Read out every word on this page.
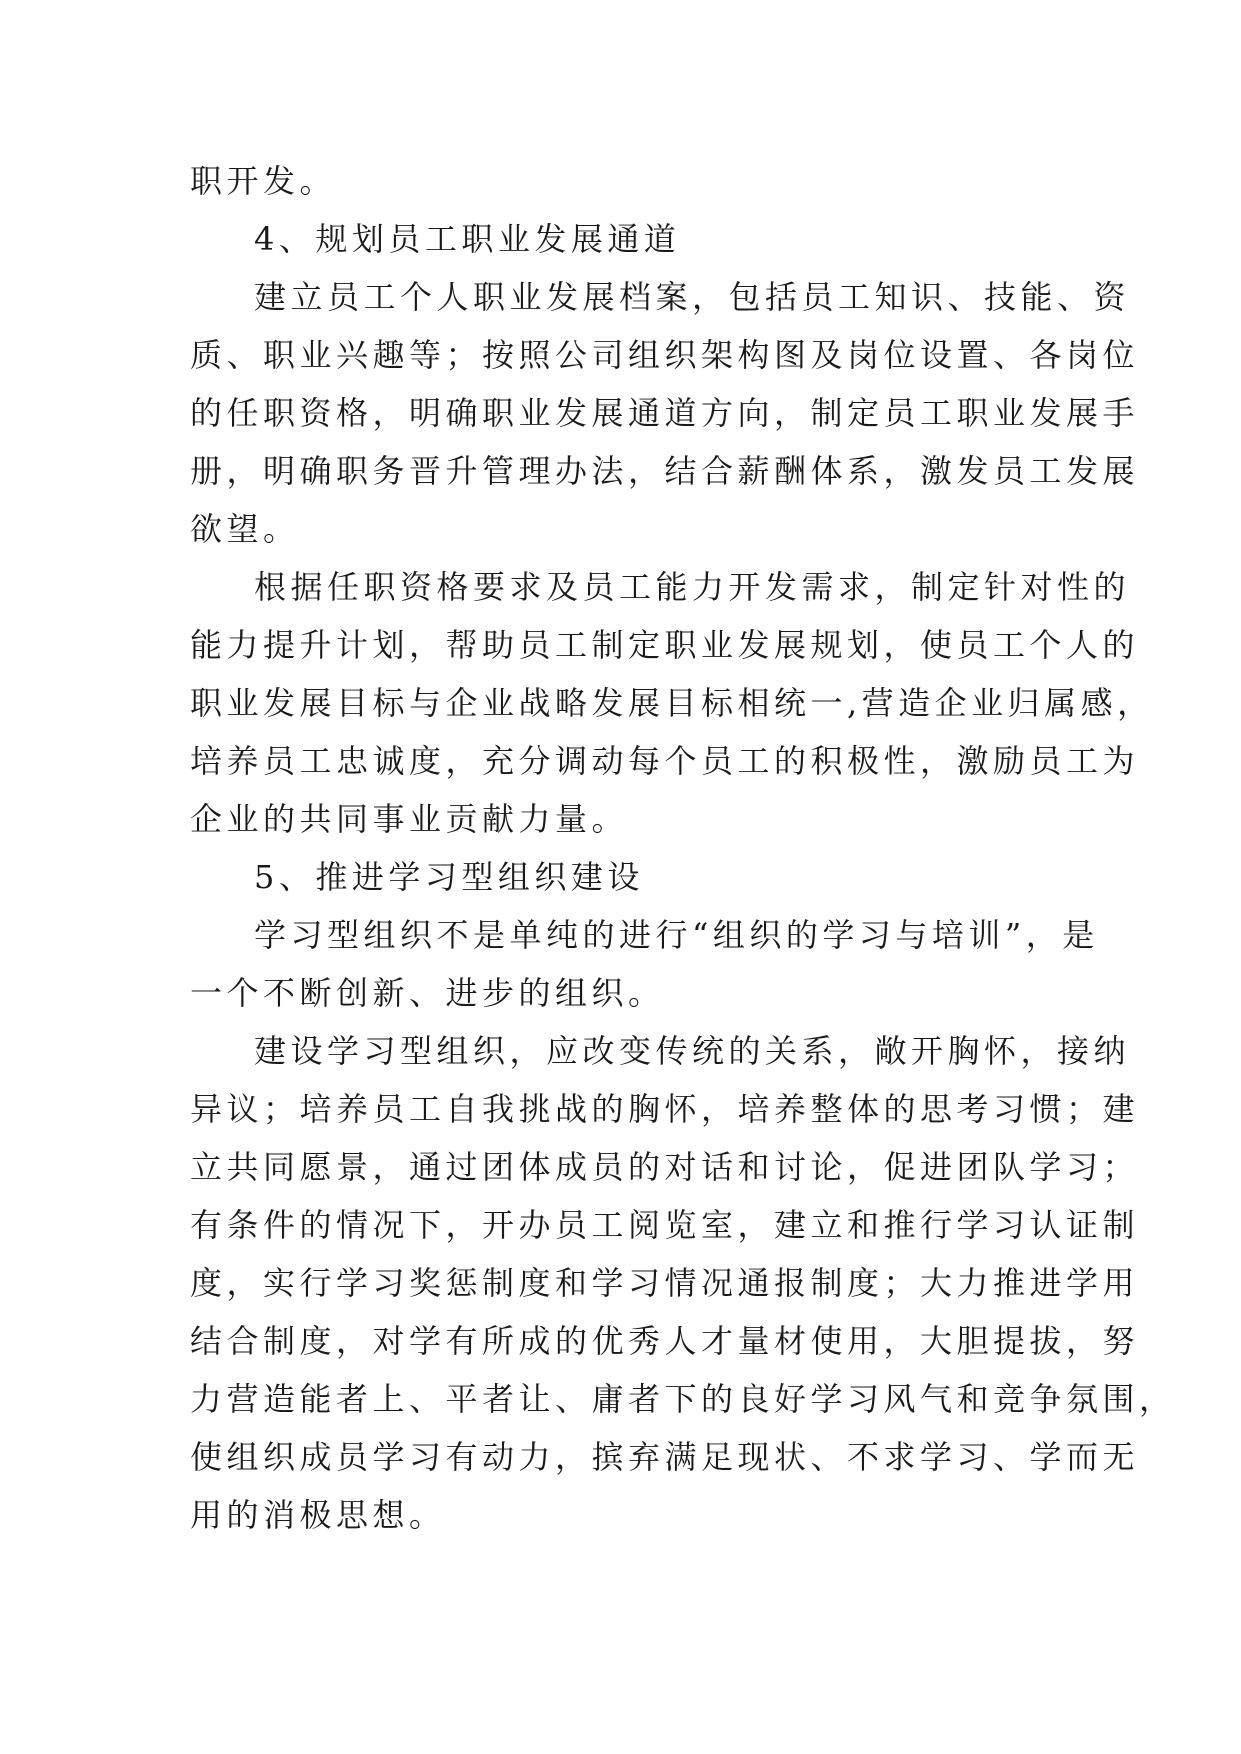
职开发。
4、规划员工职业发展通道
建立员工个人职业发展档案，包括员工知识、技能、资
质、职业兴趣等；按照公司组织架构图及岗位设置、各岗位
的任职资格，明确职业发展通道方向，制定员工职业发展手
册，明确职务晋升管理办法，结合薪酬体系，激发员工发展
欲望。
根据任职资格要求及员工能力开发需求，制定针对性的
能力提升计划，帮助员工制定职业发展规划，使员工个人的
职业发展目标与企业战略发展目标相统一,营造企业归属感，
培养员工忠诚度，充分调动每个员工的积极性，激励员工为
企业的共同事业贡献力量。
5、推进学习型组织建设
学习型组织不是单纯的进行“组织的学习与培训”，是
一个不断创新、进步的组织。
建设学习型组织，应改变传统的关系，敞开胸怀，接纳
异议；培养员工自我挑战的胸怀，培养整体的思考习惯；建
立共同愿景，通过团体成员的对话和讨论，促进团队学习；
有条件的情况下，开办员工阅览室，建立和推行学习认证制
度，实行学习奖惩制度和学习情况通报制度；大力推进学用
结合制度，对学有所成的优秀人才量材使用，大胆提拔，努
力营造能者上、平者让、庸者下的良好学习风气和竞争氛围，
使组织成员学习有动力，摈弃满足现状、不求学习、学而无
用的消极思想。
